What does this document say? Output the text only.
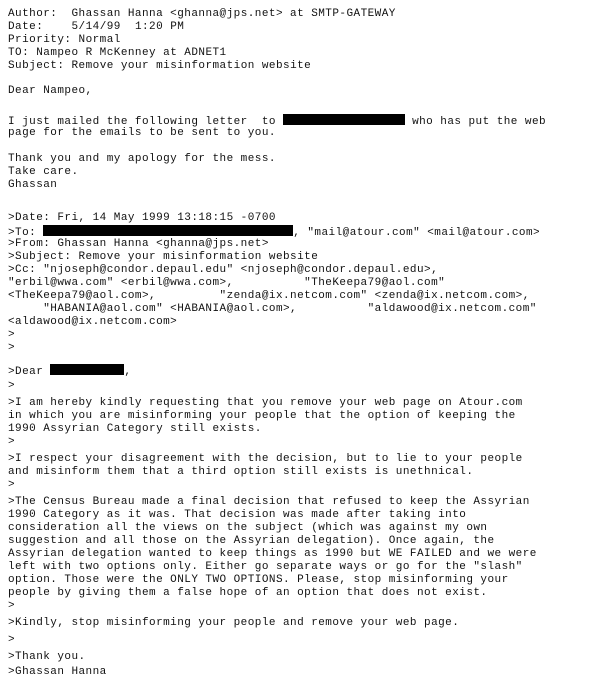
Author: Ghassan Hanna <ghanna@jps.net> at SMTP-GATEWAY
Date:	5/14/99  1:20 PM
Priority: Normal
TO: Nampeo R McKenney at ADNET1
Subject: Remove your misinformation website
Dear Nampeo,
I just mailed the following letter  to	who has put the web
page for the emails to be sent to you.
Thank you and my apology for the mess.
Take care.
Ghassan
>Date: Fri, 14 May 1999 13:18:15 -0700
>To:	, "mail@atour.com" <mail@atour.com>
>From: Ghassan Hanna <ghanna@jps.net>
>Subject: Remove your misinformation website
>Cc: "njoseph@condor.depaul.edu" <njoseph@condor.depaul.edu>,
"erbil@wwa.com" <erbil@wwa.com>,          "TheKeepa79@aol.com"
<TheKeepa79@aol.com>,         "zenda@ix.netcom.com" <zenda@ix.netcom.com>,
"HABANIA@aol.com" <HABANIA@aol.com>,          "aldawood@ix.netcom.com"
<aldawood@ix.netcom.com>
>
>
>Dear	,
>
>I am hereby kindly requesting that you remove your web page on Atour.com
in which you are misinforming your people that the option of keeping the
1990 Assyrian Category still exists.
>
>I respect your disagreement with the decision, but to lie to your people
and misinform them that a third option still exists is unethnical.
>
>The Census Bureau made a final decision that refused to keep the Assyrian
1990 Category as it was. That decision was made after taking into
consideration all the views on the subject (which was against my own
suggestion and all those on the Assyrian delegation). Once again, the
Assyrian delegation wanted to keep things as 1990 but WE FAILED and we were
left with two options only. Either go separate ways or go for the "slash"
option. Those were the ONLY TWO OPTIONS. Please, stop misinforming your
people by giving them a false hope of an option that does not exist.
>
>Kindly, stop misinforming your people and remove your web page.
>
>Thank you.
>Ghassan Hanna
